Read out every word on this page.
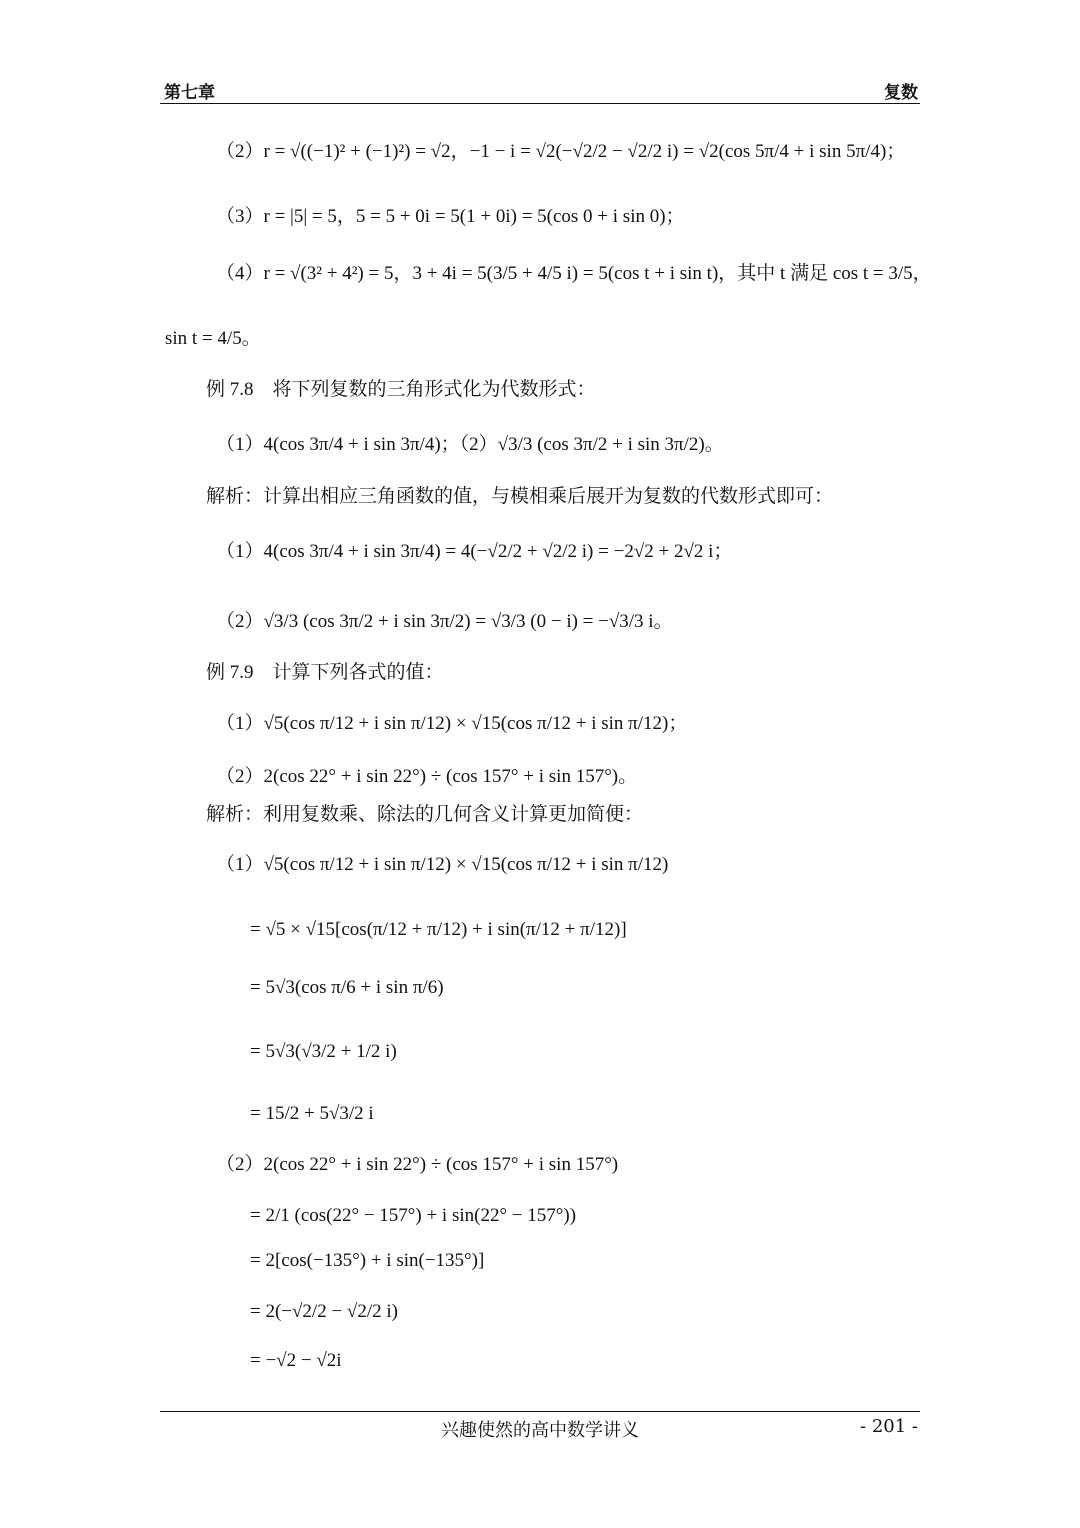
第七章	复数
（2）r = √((−1)² + (−1)²) = √2，−1 − i = √2(−√2/2 − √2/2 i) = √2(cos 5π/4 + i sin 5π/4)；
（3）r = |5| = 5，5 = 5 + 0i = 5(1 + 0i) = 5(cos 0 + i sin 0)；
（4）r = √(3² + 4²) = 5，3 + 4i = 5(3/5 + 4/5 i) = 5(cos t + i sin t)，其中 t 满足 cos t = 3/5，
sin t = 4/5。
例 7.8　将下列复数的三角形式化为代数形式：
（1）4(cos 3π/4 + i sin 3π/4)；（2）√3/3 (cos 3π/2 + i sin 3π/2)。
解析：计算出相应三角函数的值，与模相乘后展开为复数的代数形式即可：
（1）4(cos 3π/4 + i sin 3π/4) = 4(−√2/2 + √2/2 i) = −2√2 + 2√2 i；
（2）√3/3 (cos 3π/2 + i sin 3π/2) = √3/3 (0 − i) = −√3/3 i。
例 7.9　计算下列各式的值：
（1）√5(cos π/12 + i sin π/12) × √15(cos π/12 + i sin π/12)；
（2）2(cos 22° + i sin 22°) ÷ (cos 157° + i sin 157°)。
解析：利用复数乘、除法的几何含义计算更加简便：
（1）√5(cos π/12 + i sin π/12) × √15(cos π/12 + i sin π/12)
= √5 × √15[cos(π/12 + π/12) + i sin(π/12 + π/12)]
= 5√3(cos π/6 + i sin π/6)
= 5√3(√3/2 + 1/2 i)
= 15/2 + 5√3/2 i
（2）2(cos 22° + i sin 22°) ÷ (cos 157° + i sin 157°)
= 2/1 (cos(22° − 157°) + i sin(22° − 157°))
= 2[cos(−135°) + i sin(−135°)]
= 2(−√2/2 − √2/2 i)
= −√2 − √2i
兴趣使然的高中数学讲义	- 201 -
